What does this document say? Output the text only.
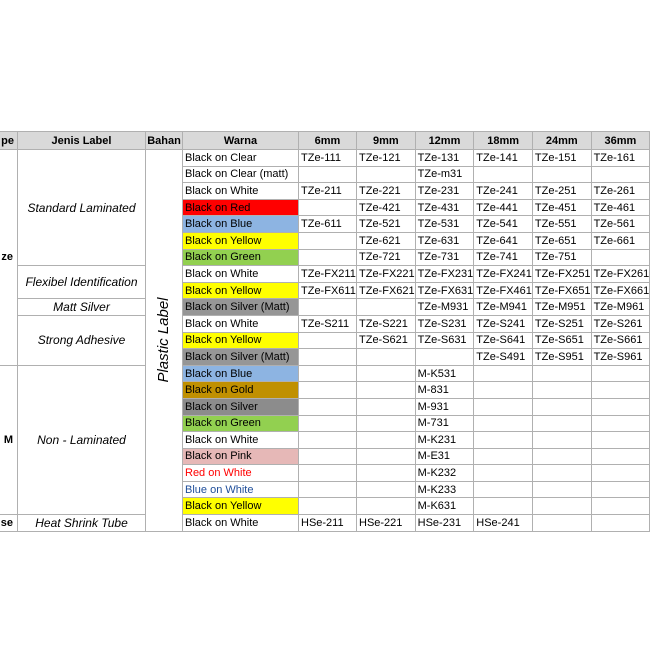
pe	Jenis Label	Bahan	Warna	6mm	9mm	12mm	18mm	24mm	36mm
ze	Standard Laminated	Plastic Label	Black on Clear	TZe-111	TZe-121	TZe-131	TZe-141	TZe-151	TZe-161
			Black on Clear (matt)			TZe-m31			
			Black on White	TZe-211	TZe-221	TZe-231	TZe-241	TZe-251	TZe-261
			Black on Red		TZe-421	TZe-431	TZe-441	TZe-451	TZe-461
			Black on Blue	TZe-611	TZe-521	TZe-531	TZe-541	TZe-551	TZe-561
			Black on Yellow		TZe-621	TZe-631	TZe-641	TZe-651	TZe-661
			Black on Green		TZe-721	TZe-731	TZe-741	TZe-751	
	Flexibel Identification		Black on White	TZe-FX211	TZe-FX221	TZe-FX231	TZe-FX241	TZe-FX251	TZe-FX261
			Black on Yellow	TZe-FX611	TZe-FX621	TZe-FX631	TZe-FX461	TZe-FX651	TZe-FX661
	Matt Silver		Black on Silver (Matt)			TZe-M931	TZe-M941	TZe-M951	TZe-M961
	Strong Adhesive		Black on White	TZe-S211	TZe-S221	TZe-S231	TZe-S241	TZe-S251	TZe-S261
			Black on Yellow		TZe-S621	TZe-S631	TZe-S641	TZe-S651	TZe-S661
			Black on Silver (Matt)				TZe-S491	TZe-S951	TZe-S961
M	Non - Laminated		Black on Blue			M-K531			
			Black on Gold			M-831			
			Black on Silver			M-931			
			Black on Green			M-731			
			Black on White			M-K231			
			Black on Pink			M-E31			
			Red on White			M-K232			
			Blue on White			M-K233			
			Black on Yellow			M-K631			
se	Heat Shrink Tube		Black on White	HSe-211	HSe-221	HSe-231	HSe-241		
